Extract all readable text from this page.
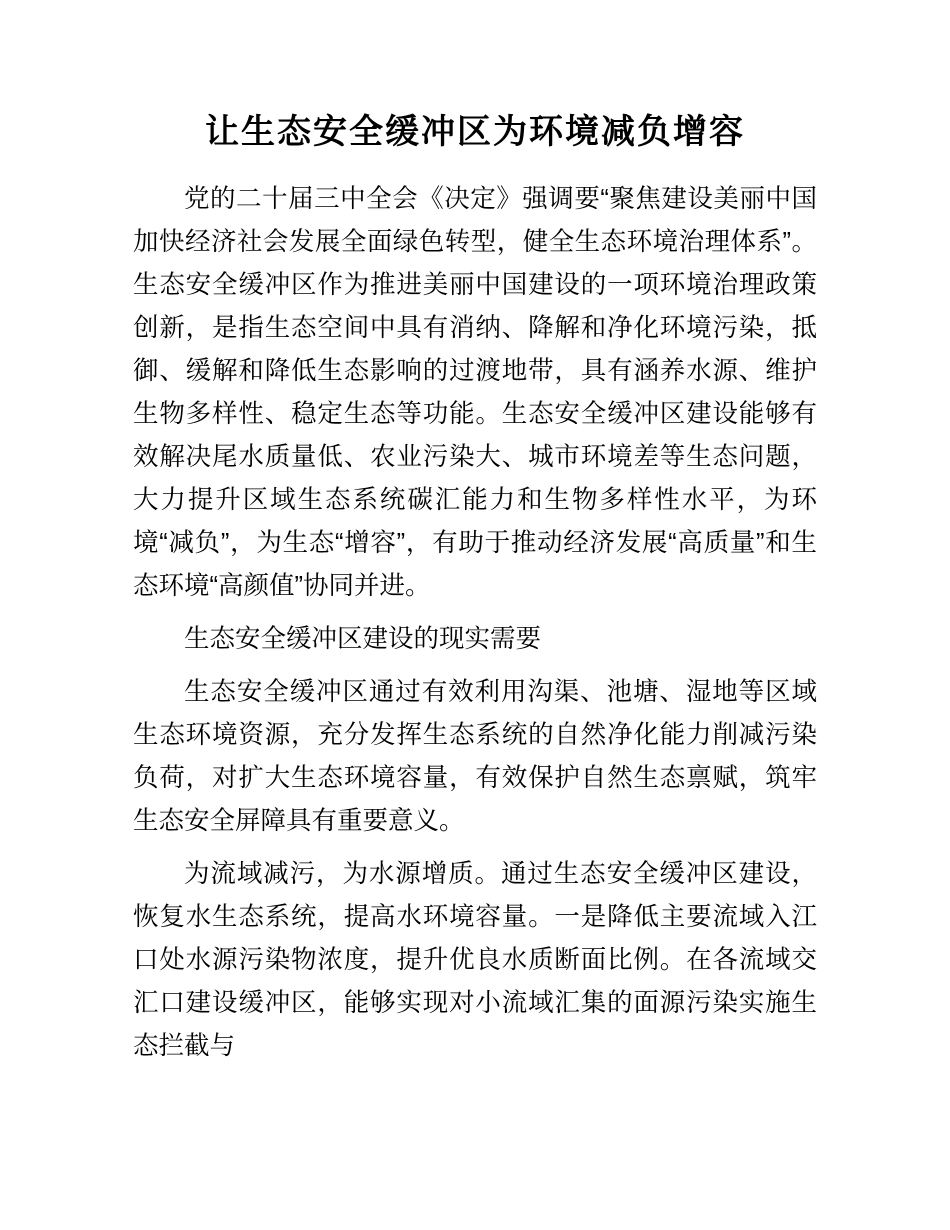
让生态安全缓冲区为环境减负增容

党的二十届三中全会《决定》强调要“聚焦建设美丽中国加快经济社会发展全面绿色转型，健全生态环境治理体系”。生态安全缓冲区作为推进美丽中国建设的一项环境治理政策创新，是指生态空间中具有消纳、降解和净化环境污染，抵御、缓解和降低生态影响的过渡地带，具有涵养水源、维护生物多样性、稳定生态等功能。生态安全缓冲区建设能够有效解决尾水质量低、农业污染大、城市环境差等生态问题，大力提升区域生态系统碳汇能力和生物多样性水平，为环境“减负”，为生态“增容”，有助于推动经济发展“高质量”和生态环境“高颜值”协同并进。

生态安全缓冲区建设的现实需要

生态安全缓冲区通过有效利用沟渠、池塘、湿地等区域生态环境资源，充分发挥生态系统的自然净化能力削减污染负荷，对扩大生态环境容量，有效保护自然生态禀赋，筑牢生态安全屏障具有重要意义。

为流域减污，为水源增质。通过生态安全缓冲区建设，恢复水生态系统，提高水环境容量。一是降低主要流域入江口处水源污染物浓度，提升优良水质断面比例。在各流域交汇口建设缓冲区，能够实现对小流域汇集的面源污染实施生态拦截与
